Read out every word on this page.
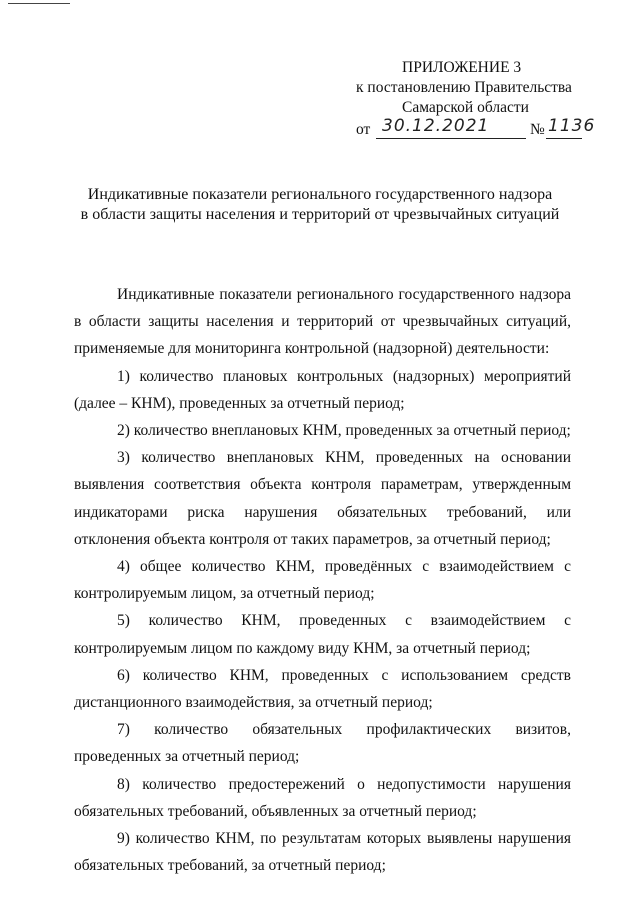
ПРИЛОЖЕНИЕ 3
к постановлению Правительства
Самарской области
от 30.12.2021	№ 1136
Индикативные показатели регионального государственного надзора
в области защиты населения и территорий от чрезвычайных ситуаций

Индикативные показатели регионального государственного надзора в области защиты населения и территорий от чрезвычайных ситуаций, применяемые для мониторинга контрольной (надзорной) деятельности:

1) количество плановых контрольных (надзорных) мероприятий (далее – КНМ), проведенных за отчетный период;

2) количество внеплановых КНМ, проведенных за отчетный период;

3) количество внеплановых КНМ, проведенных на основании выявления соответствия объекта контроля параметрам, утвержденным индикаторами риска нарушения обязательных требований, или отклонения объекта контроля от таких параметров, за отчетный период;

4) общее количество КНМ, проведённых с взаимодействием с контролируемым лицом, за отчетный период;

5) количество КНМ, проведенных с взаимодействием с контролируемым лицом по каждому виду КНМ, за отчетный период;

6) количество КНМ, проведенных с использованием средств дистанционного взаимодействия, за отчетный период;

7) количество обязательных профилактических визитов, проведенных за отчетный период;

8) количество предостережений о недопустимости нарушения обязательных требований, объявленных за отчетный период;

9) количество КНМ, по результатам которых выявлены нарушения обязательных требований, за отчетный период;
